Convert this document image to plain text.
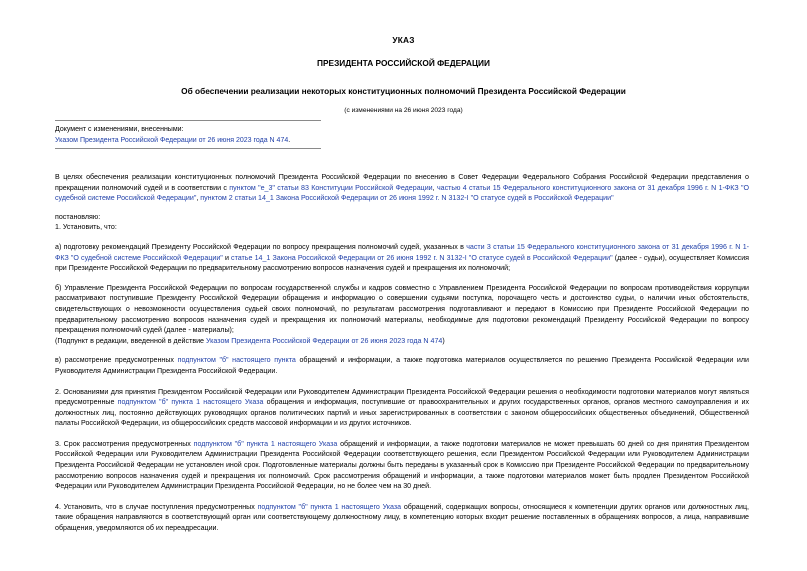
УКАЗ
ПРЕЗИДЕНТА РОССИЙСКОЙ ФЕДЕРАЦИИ
Об обеспечении реализации некоторых конституционных полномочий Президента Российской Федерации
(с изменениями на 26 июня 2023 года)
Документ с изменениями, внесенными:
Указом Президента Российской Федерации от 26 июня 2023 года N 474.

В целях обеспечения реализации конституционных полномочий Президента Российской Федерации по внесению в Совет Федерации Федерального Собрания Российской Федерации представления о прекращении полномочий судей и в соответствии с пунктом "е_3" статьи 83 Конституции Российской Федерации, частью 4 статьи 15 Федерального конституционного закона от 31 декабря 1996 г. N 1-ФКЗ "О судебной системе Российской Федерации", пунктом 2 статьи 14_1 Закона Российской Федерации от 26 июня 1992 г. N 3132-I "О статусе судей в Российской Федерации"

постановляю:

1. Установить, что:

а) подготовку рекомендаций Президенту Российской Федерации по вопросу прекращения полномочий судей, указанных в части 3 статьи 15 Федерального конституционного закона от 31 декабря 1996 г. N 1-ФКЗ "О судебной системе Российской Федерации" и статье 14_1 Закона Российской Федерации от 26 июня 1992 г. N 3132-I "О статусе судей в Российской Федерации" (далее - судьи), осуществляет Комиссия при Президенте Российской Федерации по предварительному рассмотрению вопросов назначения судей и прекращения их полномочий;

б) Управление Президента Российской Федерации по вопросам государственной службы и кадров совместно с Управлением Президента Российской Федерации по вопросам противодействия коррупции рассматривают поступившие Президенту Российской Федерации обращения и информацию о совершении судьями поступка, порочащего честь и достоинство судьи, о наличии иных обстоятельств, свидетельствующих о невозможности осуществления судьей своих полномочий, по результатам рассмотрения подготавливают и передают в Комиссию при Президенте Российской Федерации по предварительному рассмотрению вопросов назначения судей и прекращения их полномочий материалы, необходимые для подготовки рекомендаций Президенту Российской Федерации по вопросу прекращения полномочий судей (далее - материалы);

(Подпункт в редакции, введенной в действие Указом Президента Российской Федерации от 26 июня 2023 года N 474)

в) рассмотрение предусмотренных подпунктом "б" настоящего пункта обращений и информации, а также подготовка материалов осуществляется по решению Президента Российской Федерации или Руководителя Администрации Президента Российской Федерации.

2. Основаниями для принятия Президентом Российской Федерации или Руководителем Администрации Президента Российской Федерации решения о необходимости подготовки материалов могут являться предусмотренные подпунктом "б" пункта 1 настоящего Указа обращения и информация, поступившие от правоохранительных и других государственных органов, органов местного самоуправления и их должностных лиц, постоянно действующих руководящих органов политических партий и иных зарегистрированных в соответствии с законом общероссийских общественных объединений, Общественной палаты Российской Федерации, из общероссийских средств массовой информации и из других источников.

3. Срок рассмотрения предусмотренных подпунктом "б" пункта 1 настоящего Указа обращений и информации, а также подготовки материалов не может превышать 60 дней со дня принятия Президентом Российской Федерации или Руководителем Администрации Президента Российской Федерации соответствующего решения, если Президентом Российской Федерации или Руководителем Администрации Президента Российской Федерации не установлен иной срок. Подготовленные материалы должны быть переданы в указанный срок в Комиссию при Президенте Российской Федерации по предварительному рассмотрению вопросов назначения судей и прекращения их полномочий. Срок рассмотрения обращений и информации, а также подготовки материалов может быть продлен Президентом Российской Федерации или Руководителем Администрации Президента Российской Федерации, но не более чем на 30 дней.

4. Установить, что в случае поступления предусмотренных подпунктом "б" пункта 1 настоящего Указа обращений, содержащих вопросы, относящиеся к компетенции других органов или должностных лиц, такие обращения направляются в соответствующий орган или соответствующему должностному лицу, в компетенцию которых входит решение поставленных в обращениях вопросов, а лица, направившие обращения, уведомляются об их переадресации.
